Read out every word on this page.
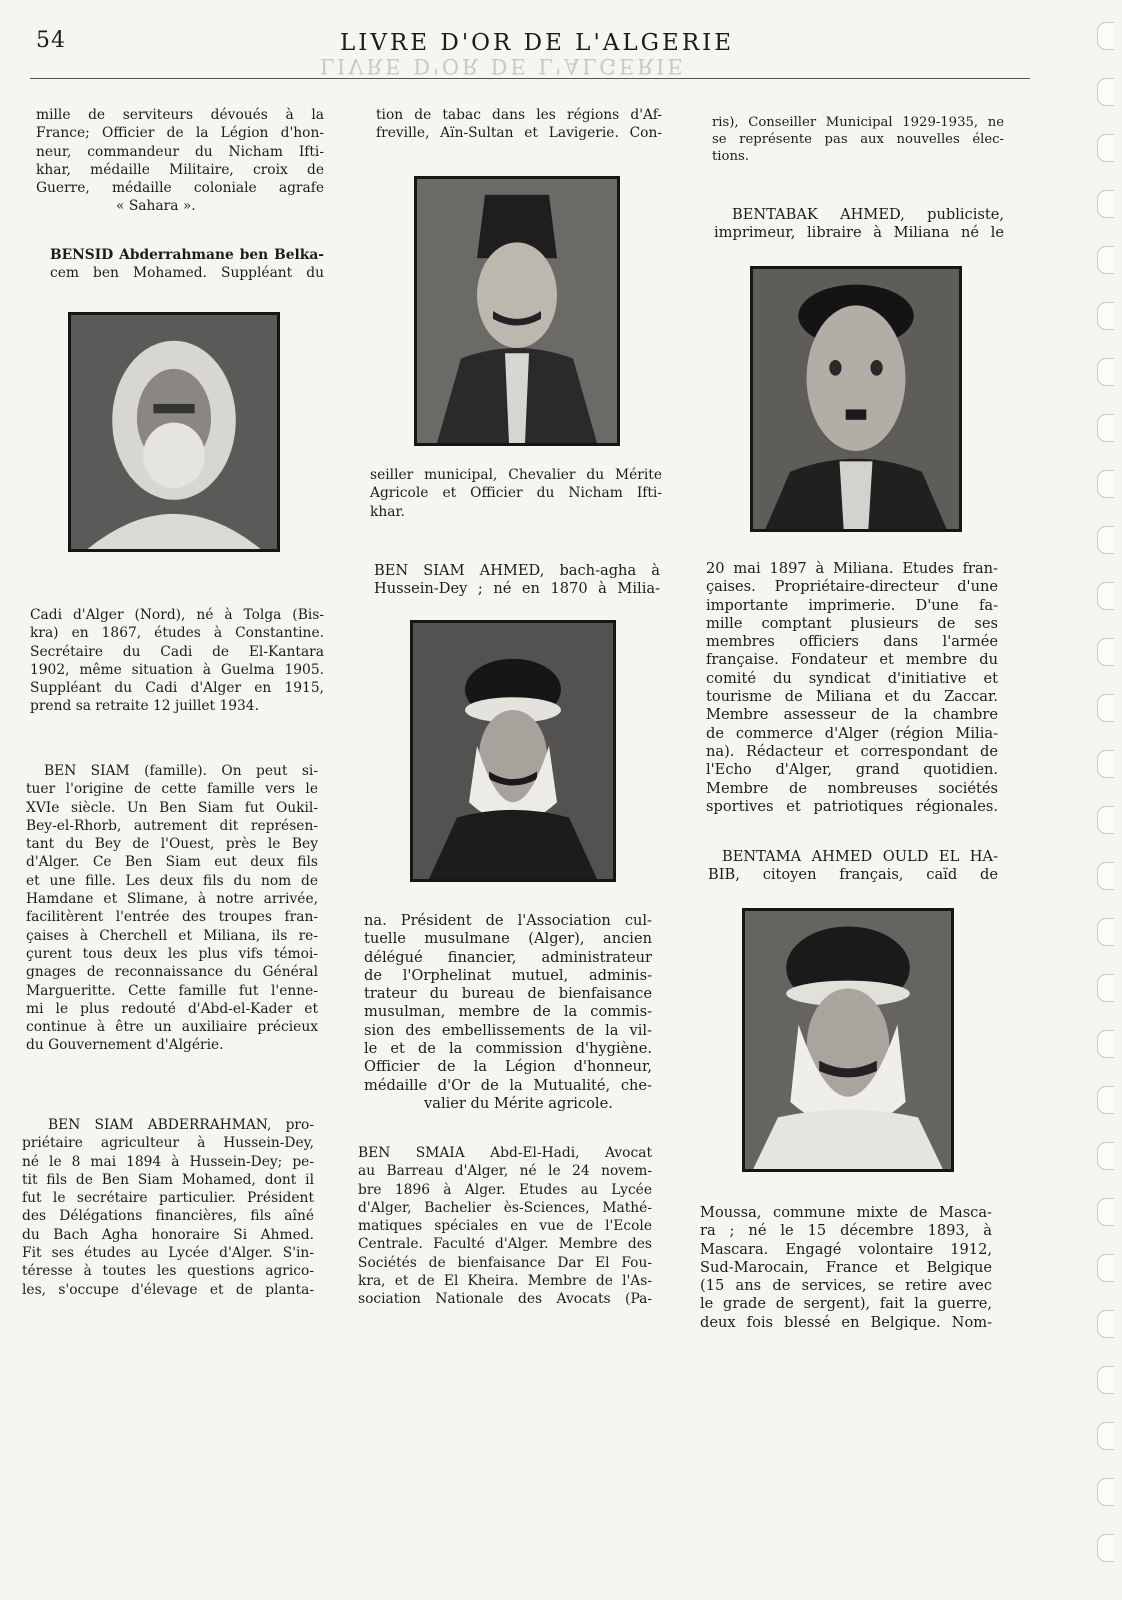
54	LIVRE D'OR DE L'ALGERIE
LIVRE D'OR DE L'ALGERIE
mille de serviteurs dévoués à la
France; Officier de la Légion d'hon-
neur, commandeur du Nicham Ifti-
khar, médaille Militaire, croix de
Guerre, médaille coloniale agrafe
« Sahara ».
BENSID Abderrahmane ben Belka-
cem ben Mohamed. Suppléant du
Cadi d'Alger (Nord), né à Tolga (Bis-
kra) en 1867, études à Constantine.
Secrétaire du Cadi de El-Kantara
1902, même situation à Guelma 1905.
Suppléant du Cadi d'Alger en 1915,
prend sa retraite 12 juillet 1934.
BEN SIAM (famille). On peut si-
tuer l'origine de cette famille vers le
XVIe siècle. Un Ben Siam fut Oukil-
Bey-el-Rhorb, autrement dit représen-
tant du Bey de l'Ouest, près le Bey
d'Alger. Ce Ben Siam eut deux fils
et une fille. Les deux fils du nom de
Hamdane et Slimane, à notre arrivée,
facilitèrent l'entrée des troupes fran-
çaises à Cherchell et Miliana, ils re-
çurent tous deux les plus vifs témoi-
gnages de reconnaissance du Général
Margueritte. Cette famille fut l'enne-
mi le plus redouté d'Abd-el-Kader et
continue à être un auxiliaire précieux
du Gouvernement d'Algérie.
BEN SIAM ABDERRAHMAN, pro-
priétaire agriculteur à Hussein-Dey,
né le 8 mai 1894 à Hussein-Dey; pe-
tit fils de Ben Siam Mohamed, dont il
fut le secrétaire particulier. Président
des Délégations financières, fils aîné
du Bach Agha honoraire Si Ahmed.
Fit ses études au Lycée d'Alger. S'in-
téresse à toutes les questions agrico-
les, s'occupe d'élevage et de planta-
tion de tabac dans les régions d'Af-
freville, Aïn-Sultan et Lavigerie. Con-
seiller municipal, Chevalier du Mérite
Agricole et Officier du Nicham Ifti-
khar.
BEN SIAM AHMED, bach-agha à
Hussein-Dey ; né en 1870 à Milia-
na. Président de l'Association cul-
tuelle musulmane (Alger), ancien
délégué financier, administrateur
de l'Orphelinat mutuel, adminis-
trateur du bureau de bienfaisance
musulman, membre de la commis-
sion des embellissements de la vil-
le et de la commission d'hygiène.
Officier de la Légion d'honneur,
médaille d'Or de la Mutualité, che-
valier du Mérite agricole.
BEN SMAIA Abd-El-Hadi, Avocat
au Barreau d'Alger, né le 24 novem-
bre 1896 à Alger. Etudes au Lycée
d'Alger, Bachelier ès-Sciences, Mathé-
matiques spéciales en vue de l'Ecole
Centrale. Faculté d'Alger. Membre des
Sociétés de bienfaisance Dar El Fou-
kra, et de El Kheira. Membre de l'As-
sociation Nationale des Avocats (Pa-
ris), Conseiller Municipal 1929-1935, ne
se représente pas aux nouvelles élec-
tions.
BENTABAK AHMED, publiciste,
imprimeur, libraire à Miliana né le
20 mai 1897 à Miliana. Etudes fran-
çaises. Propriétaire-directeur d'une
importante imprimerie. D'une fa-
mille comptant plusieurs de ses
membres officiers dans l'armée
française. Fondateur et membre du
comité du syndicat d'initiative et
tourisme de Miliana et du Zaccar.
Membre assesseur de la chambre
de commerce d'Alger (région Milia-
na). Rédacteur et correspondant de
l'Echo d'Alger, grand quotidien.
Membre de nombreuses sociétés
sportives et patriotiques régionales.
BENTAMA AHMED OULD EL HA-
BIB, citoyen français, caïd de
Moussa, commune mixte de Masca-
ra ; né le 15 décembre 1893, à
Mascara. Engagé volontaire 1912,
Sud-Marocain, France et Belgique
(15 ans de services, se retire avec
le grade de sergent), fait la guerre,
deux fois blessé en Belgique. Nom-
